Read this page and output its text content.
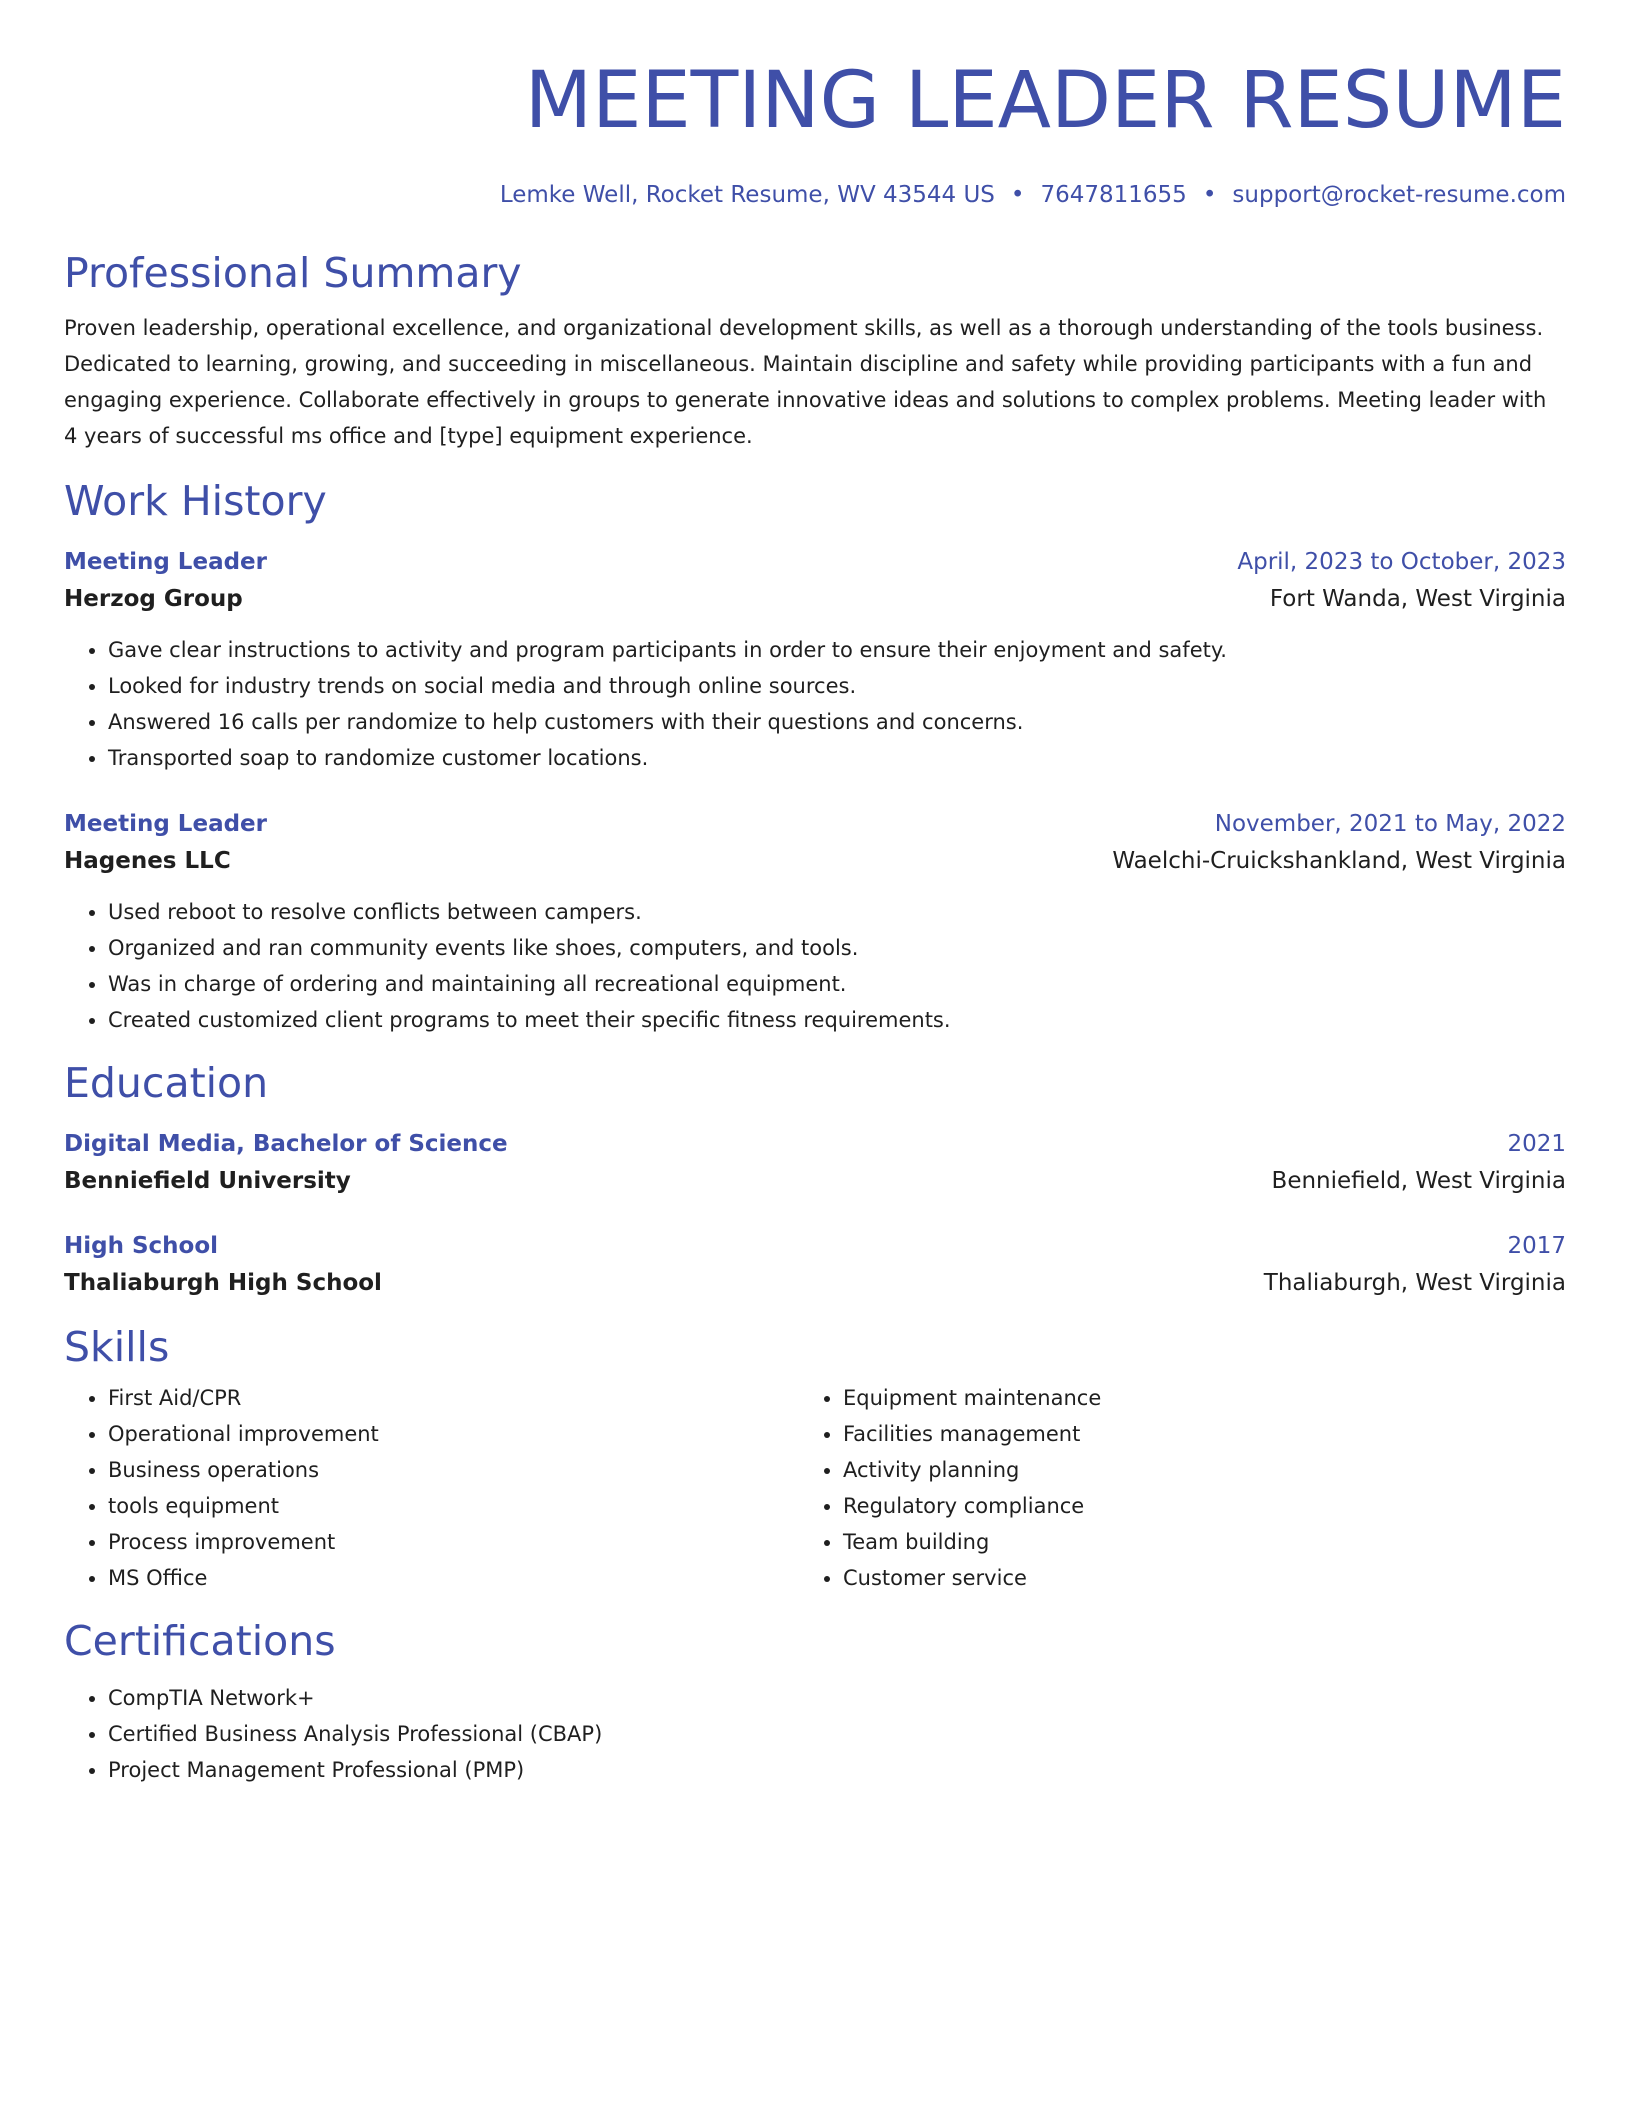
MEETING LEADER RESUME
Lemke Well, Rocket Resume, WV 43544 US • 7647811655 • support@rocket-resume.com
Professional Summary
Proven leadership, operational excellence, and organizational development skills, as well as a thorough understanding of the tools business. Dedicated to learning, growing, and succeeding in miscellaneous. Maintain discipline and safety while providing participants with a fun and engaging experience. Collaborate effectively in groups to generate innovative ideas and solutions to complex problems. Meeting leader with 4 years of successful ms office and [type] equipment experience.
Work History
Meeting Leader	April, 2023 to October, 2023
Herzog Group	Fort Wanda, West Virginia
• Gave clear instructions to activity and program participants in order to ensure their enjoyment and safety.
• Looked for industry trends on social media and through online sources.
• Answered 16 calls per randomize to help customers with their questions and concerns.
• Transported soap to randomize customer locations.
Meeting Leader	November, 2021 to May, 2022
Hagenes LLC	Waelchi-Cruickshankland, West Virginia
• Used reboot to resolve conflicts between campers.
• Organized and ran community events like shoes, computers, and tools.
• Was in charge of ordering and maintaining all recreational equipment.
• Created customized client programs to meet their specific fitness requirements.
Education
Digital Media, Bachelor of Science	2021
Benniefield University	Benniefield, West Virginia
High School	2017
Thaliaburgh High School	Thaliaburgh, West Virginia
Skills
• First Aid/CPR
• Operational improvement
• Business operations
• tools equipment
• Process improvement
• MS Office
• Equipment maintenance
• Facilities management
• Activity planning
• Regulatory compliance
• Team building
• Customer service
Certifications
• CompTIA Network+
• Certified Business Analysis Professional (CBAP)
• Project Management Professional (PMP)
